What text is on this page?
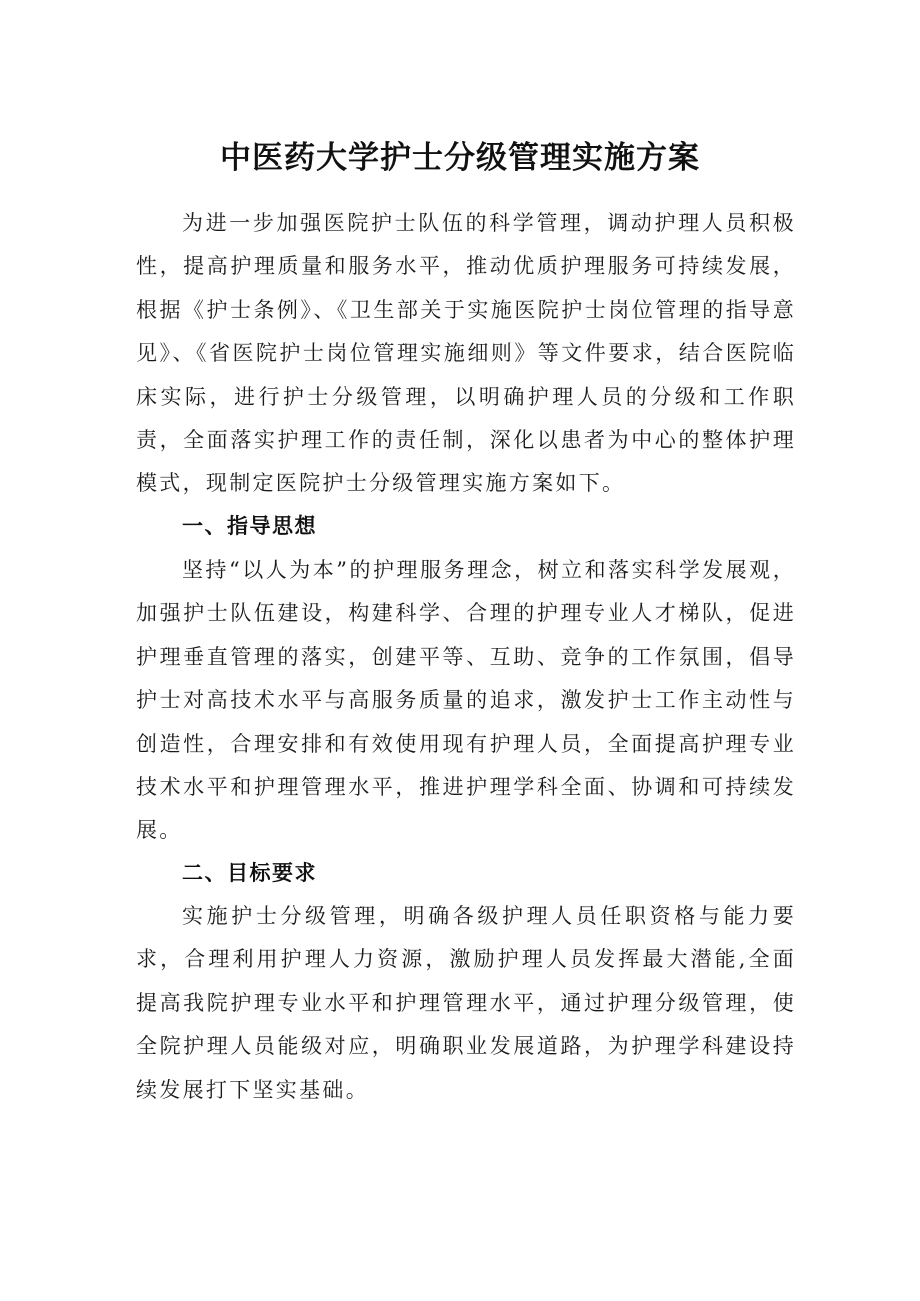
中医药大学护士分级管理实施方案

为进一步加强医院护士队伍的科学管理，调动护理人员积极性，提高护理质量和服务水平，推动优质护理服务可持续发展，根据《护士条例》、《卫生部关于实施医院护士岗位管理的指导意见》、《省医院护士岗位管理实施细则》等文件要求，结合医院临床实际，进行护士分级管理，以明确护理人员的分级和工作职责，全面落实护理工作的责任制，深化以患者为中心的整体护理模式，现制定医院护士分级管理实施方案如下。

一、指导思想

坚持“以人为本”的护理服务理念，树立和落实科学发展观，加强护士队伍建设，构建科学、合理的护理专业人才梯队，促进护理垂直管理的落实，创建平等、互助、竞争的工作氛围，倡导护士对高技术水平与高服务质量的追求，激发护士工作主动性与创造性，合理安排和有效使用现有护理人员，全面提高护理专业技术水平和护理管理水平，推进护理学科全面、协调和可持续发展。

二、目标要求

实施护士分级管理，明确各级护理人员任职资格与能力要求，合理利用护理人力资源，激励护理人员发挥最大潜能,全面提高我院护理专业水平和护理管理水平，通过护理分级管理，使全院护理人员能级对应，明确职业发展道路，为护理学科建设持续发展打下坚实基础。
